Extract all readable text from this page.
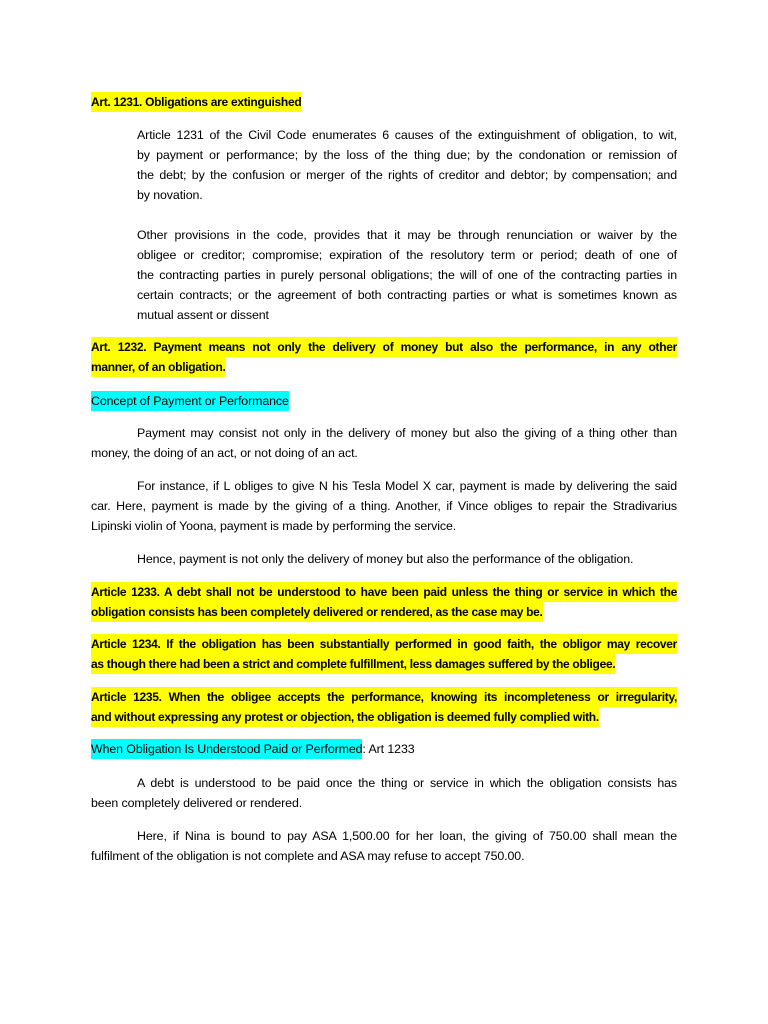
Art. 1231. Obligations are extinguished
Article 1231 of the Civil Code enumerates 6 causes of the extinguishment of obligation, to wit,
by payment or performance; by the loss of the thing due; by the condonation or remission of
the debt; by the confusion or merger of the rights of creditor and debtor; by compensation; and
by novation.
Other provisions in the code, provides that it may be through renunciation or waiver by the
obligee or creditor; compromise; expiration of the resolutory term or period; death of one of
the contracting parties in purely personal obligations; the will of one of the contracting parties in
certain contracts; or the agreement of both contracting parties or what is sometimes known as
mutual assent or dissent
Art. 1232. Payment means not only the delivery of money but also the performance, in any other
manner, of an obligation.
Concept of Payment or Performance
Payment may consist not only in the delivery of money but also the giving of a thing other than
money, the doing of an act, or not doing of an act.
For instance, if L obliges to give N his Tesla Model X car, payment is made by delivering the said
car. Here, payment is made by the giving of a thing. Another, if Vince obliges to repair the Stradivarius
Lipinski violin of Yoona, payment is made by performing the service.
Hence, payment is not only the delivery of money but also the performance of the obligation.
Article 1233. A debt shall not be understood to have been paid unless the thing or service in which the
obligation consists has been completely delivered or rendered, as the case may be.
Article 1234. If the obligation has been substantially performed in good faith, the obligor may recover
as though there had been a strict and complete fulfillment, less damages suffered by the obligee.
Article 1235. When the obligee accepts the performance, knowing its incompleteness or irregularity,
and without expressing any protest or objection, the obligation is deemed fully complied with.
When Obligation Is Understood Paid or Performed: Art 1233
A debt is understood to be paid once the thing or service in which the obligation consists has
been completely delivered or rendered.
Here, if Nina is bound to pay ASA 1,500.00 for her loan, the giving of 750.00 shall mean the
fulfilment of the obligation is not complete and ASA may refuse to accept 750.00.
